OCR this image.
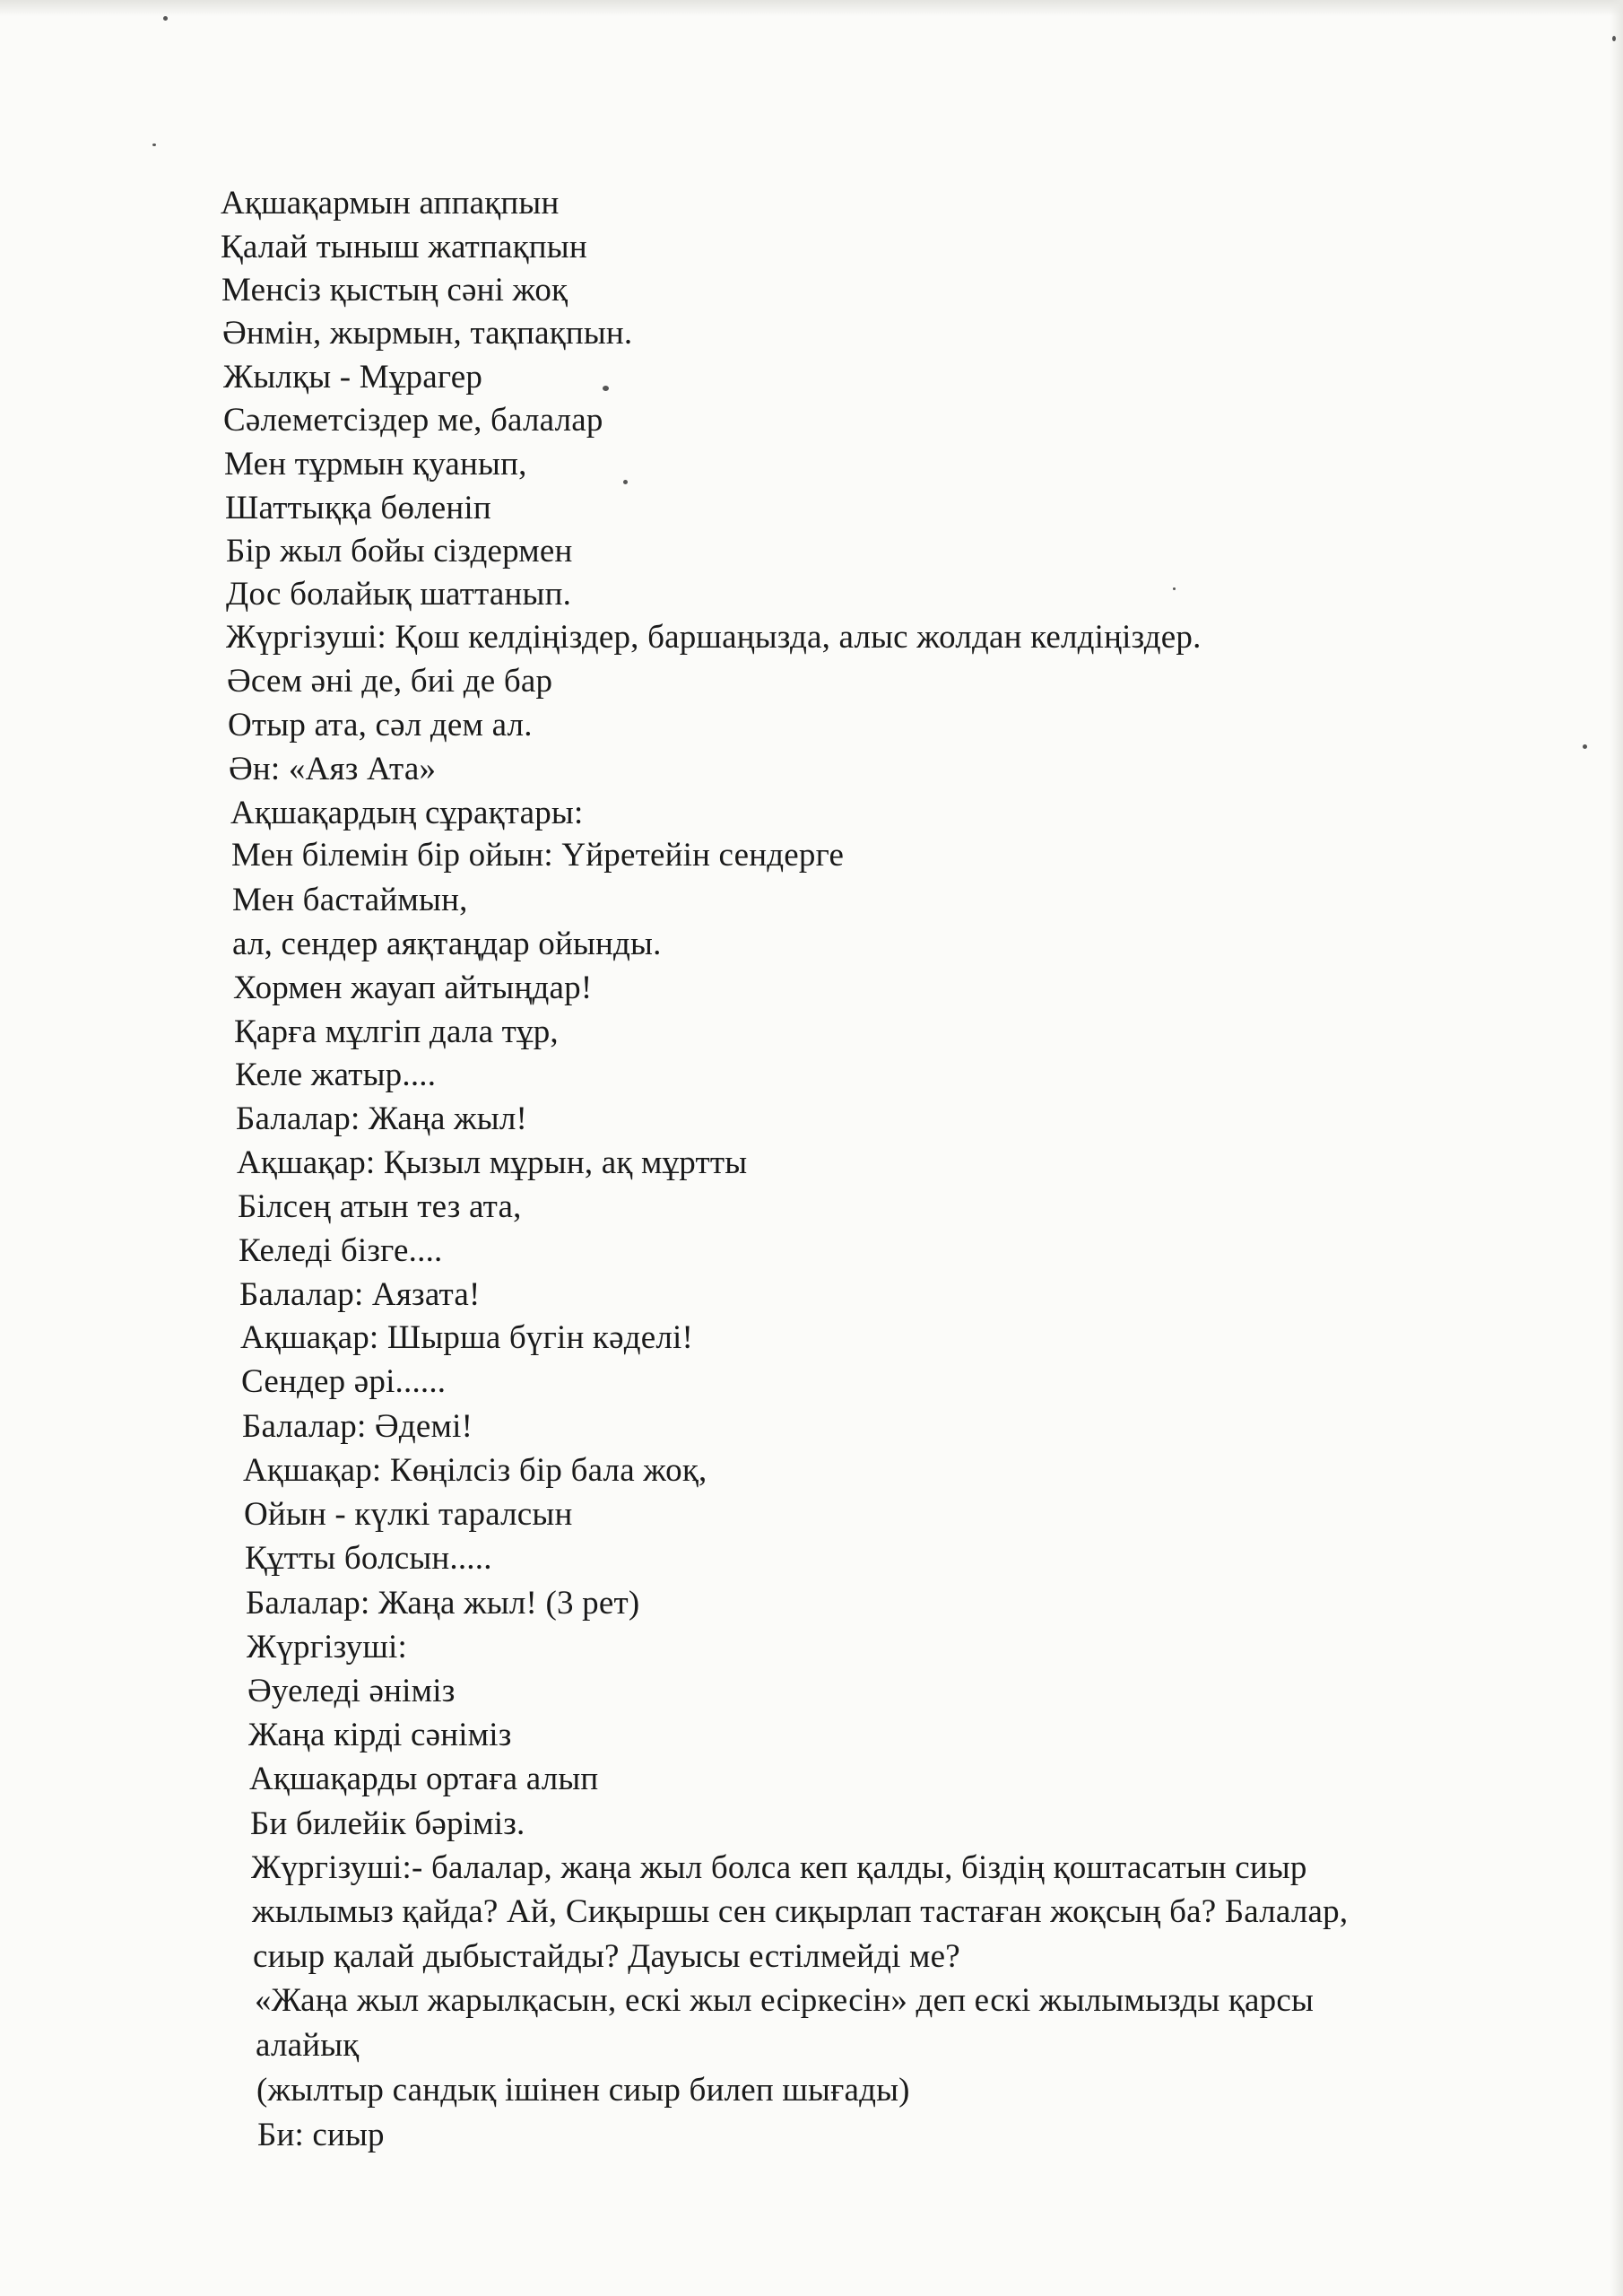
Ақшақармын аппақпын
Қалай тыныш жатпақпын
Менсіз қыстың сәні жоқ
Әнмін, жырмын, тақпақпын.
Жылқы - Мұрагер
Сәлеметсіздер ме, балалар
Мен тұрмын қуанып,
Шаттыққа бөленіп
Бір жыл бойы сіздермен
Дос болайық шаттанып.
Жүргізуші: Қош келдіңіздер, баршаңызда, алыс жолдан келдіңіздер.
Әсем әні де, биі де бар
Отыр ата, сәл дем ал.
Ән: «Аяз Ата»
Ақшақардың сұрақтары:
Мен білемін бір ойын: Үйретейін сендерге
Мен бастаймын,
ал, сендер аяқтаңдар ойынды.
Хормен жауап айтыңдар!
Қарға мұлгіп дала тұр,
Келе жатыр....
Балалар: Жаңа жыл!
Ақшақар: Қызыл мұрын, ақ мұртты
Білсең атын тез ата,
Келеді бізге....
Балалар: Аязата!
Ақшақар: Шырша бүгін кәделі!
Сендер әрі......
Балалар: Әдемі!
Ақшақар: Көңілсіз бір бала жоқ,
Ойын - күлкі таралсын
Құтты болсын.....
Балалар: Жаңа жыл! (3 рет)
Жүргізуші:
Әуеледі әніміз
Жаңа кірді сәніміз
Ақшақарды ортаға алып
Би билейік бәріміз.
Жүргізуші:- балалар, жаңа жыл болса кеп қалды, біздің қоштасатын сиыр
жылымыз қайда? Ай, Сиқыршы сен сиқырлап тастаған жоқсың ба? Балалар,
сиыр қалай дыбыстайды? Дауысы естілмейді ме?
«Жаңа жыл жарылқасын, ескі жыл есіркесін» деп ескі жылымызды қарсы
алайық
(жылтыр сандық ішінен сиыр билеп шығады)
Би: сиыр
